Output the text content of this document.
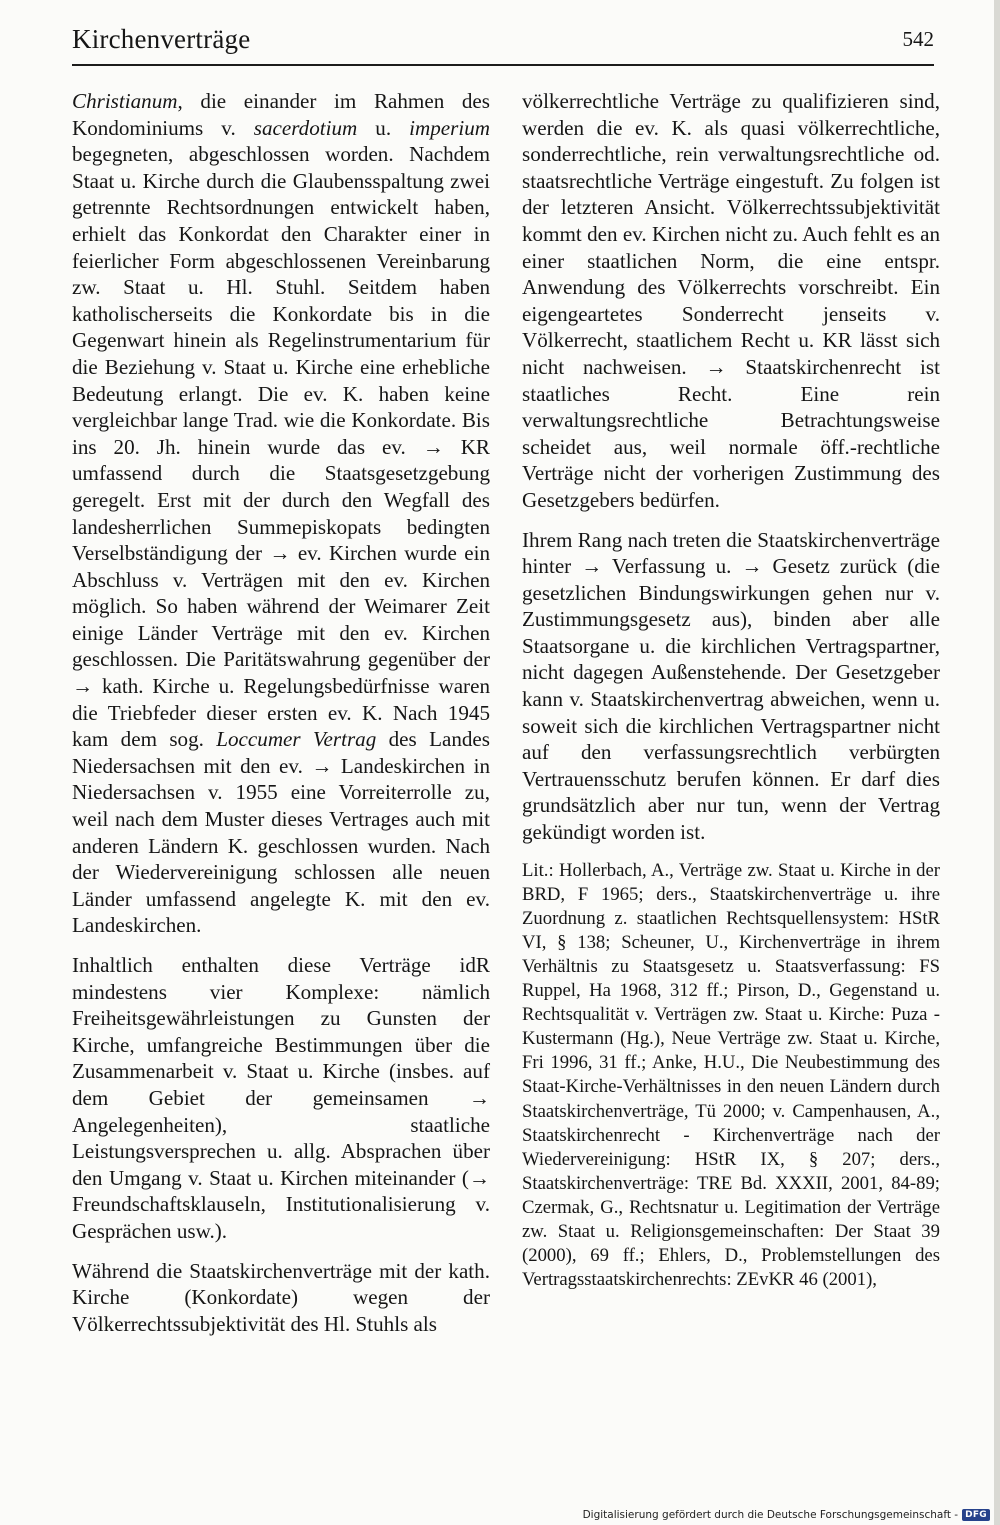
Kirchenverträge	542

Christianum, die einander im Rahmen des Kondominiums v. sacerdotium u. imperium begegneten, abgeschlossen worden. Nachdem Staat u. Kirche durch die Glaubensspaltung zwei getrennte Rechtsordnungen entwickelt haben, erhielt das Konkordat den Charakter einer in feierlicher Form abgeschlossenen Vereinbarung zw. Staat u. Hl. Stuhl. Seitdem haben katholischerseits die Konkordate bis in die Gegenwart hinein als Regelinstrumentarium für die Beziehung v. Staat u. Kirche eine erhebliche Bedeutung erlangt. Die ev. K. haben keine vergleichbar lange Trad. wie die Konkordate. Bis ins 20. Jh. hinein wurde das ev. → KR umfassend durch die Staatsgesetzgebung geregelt. Erst mit der durch den Wegfall des landesherrlichen Summepiskopats bedingten Verselbständigung der → ev. Kirchen wurde ein Abschluss v. Verträgen mit den ev. Kirchen möglich. So haben während der Weimarer Zeit einige Länder Verträge mit den ev. Kirchen geschlossen. Die Paritätswahrung gegenüber der → kath. Kirche u. Regelungsbedürfnisse waren die Triebfeder dieser ersten ev. K. Nach 1945 kam dem sog. Loccumer Vertrag des Landes Niedersachsen mit den ev. → Landeskirchen in Niedersachsen v. 1955 eine Vorreiterrolle zu, weil nach dem Muster dieses Vertrages auch mit anderen Ländern K. geschlossen wurden. Nach der Wiedervereinigung schlossen alle neuen Länder umfassend angelegte K. mit den ev. Landeskirchen.

Inhaltlich enthalten diese Verträge idR mindestens vier Komplexe: nämlich Freiheitsgewährleistungen zu Gunsten der Kirche, umfangreiche Bestimmungen über die Zusammenarbeit v. Staat u. Kirche (insbes. auf dem Gebiet der gemeinsamen → Angelegenheiten), staatliche Leistungsversprechen u. allg. Absprachen über den Umgang v. Staat u. Kirchen miteinander (→ Freundschaftsklauseln, Institutionalisierung v. Gesprächen usw.).

Während die Staatskirchenverträge mit der kath. Kirche (Konkordate) wegen der Völkerrechtssubjektivität des Hl. Stuhls als

völkerrechtliche Verträge zu qualifizieren sind, werden die ev. K. als quasi völkerrechtliche, sonderrechtliche, rein verwaltungsrechtliche od. staatsrechtliche Verträge eingestuft. Zu folgen ist der letzteren Ansicht. Völkerrechtssubjektivität kommt den ev. Kirchen nicht zu. Auch fehlt es an einer staatlichen Norm, die eine entspr. Anwendung des Völkerrechts vorschreibt. Ein eigengeartetes Sonderrecht jenseits v. Völkerrecht, staatlichem Recht u. KR lässt sich nicht nachweisen. → Staatskirchenrecht ist staatliches Recht. Eine rein verwaltungsrechtliche Betrachtungsweise scheidet aus, weil normale öff.-rechtliche Verträge nicht der vorherigen Zustimmung des Gesetzgebers bedürfen.

Ihrem Rang nach treten die Staatskirchenverträge hinter → Verfassung u. → Gesetz zurück (die gesetzlichen Bindungswirkungen gehen nur v. Zustimmungsgesetz aus), binden aber alle Staatsorgane u. die kirchlichen Vertragspartner, nicht dagegen Außenstehende. Der Gesetzgeber kann v. Staatskirchenvertrag abweichen, wenn u. soweit sich die kirchlichen Vertragspartner nicht auf den verfassungsrechtlich verbürgten Vertrauensschutz berufen können. Er darf dies grundsätzlich aber nur tun, wenn der Vertrag gekündigt worden ist.

Lit.: Hollerbach, A., Verträge zw. Staat u. Kirche in der BRD, F 1965; ders., Staatskirchenverträge u. ihre Zuordnung z. staatlichen Rechtsquellensystem: HStR VI, § 138; Scheuner, U., Kirchenverträge in ihrem Verhältnis zu Staatsgesetz u. Staatsverfassung: FS Ruppel, Ha 1968, 312 ff.; Pirson, D., Gegenstand u. Rechtsqualität v. Verträgen zw. Staat u. Kirche: Puza - Kustermann (Hg.), Neue Verträge zw. Staat u. Kirche, Fri 1996, 31 ff.; Anke, H.U., Die Neubestimmung des Staat-Kirche-Verhältnisses in den neuen Ländern durch Staatskirchenverträge, Tü 2000; v. Campenhausen, A., Staatskirchenrecht - Kirchenverträge nach der Wiedervereinigung: HStR IX, § 207; ders., Staatskirchenverträge: TRE Bd. XXXII, 2001, 84-89; Czermak, G., Rechtsnatur u. Legitimation der Verträge zw. Staat u. Religionsgemeinschaften: Der Staat 39 (2000), 69 ff.; Ehlers, D., Problemstellungen des Vertragsstaatskirchenrechts: ZEvKR 46 (2001),

Digitalisierung gefördert durch die Deutsche Forschungsgemeinschaft - DFG
